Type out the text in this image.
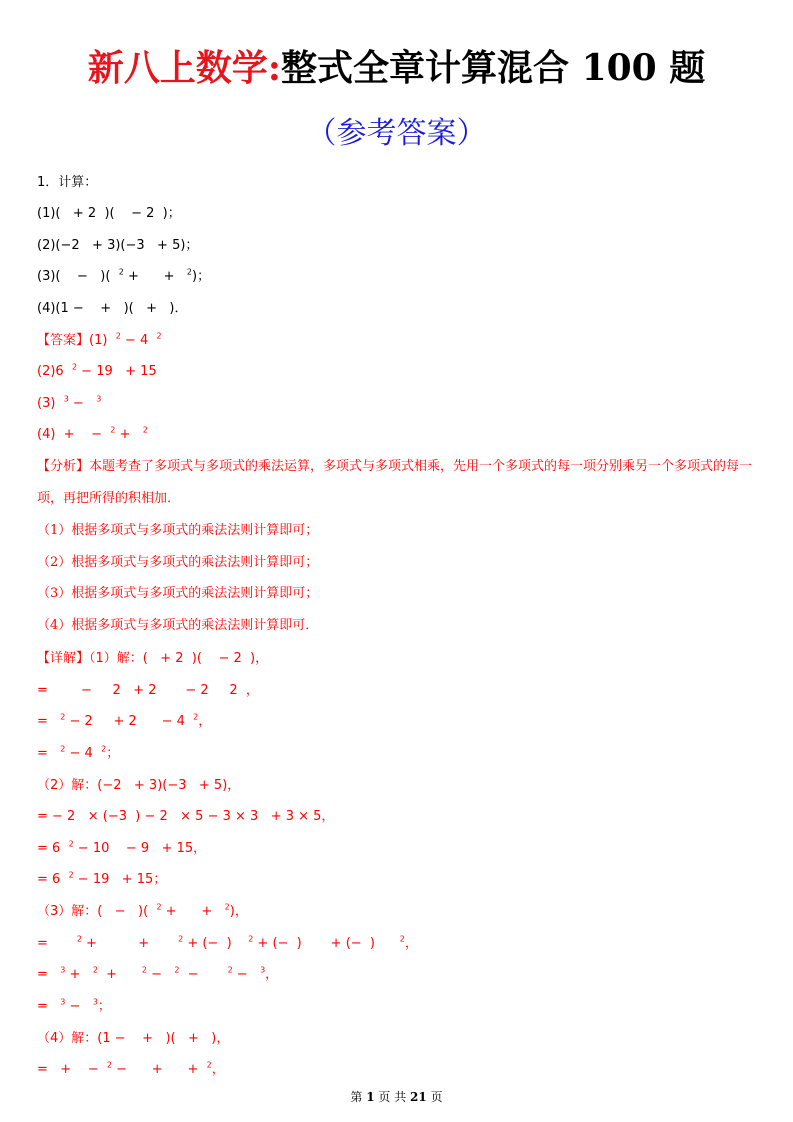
新八上数学:整式全章计算混合 100 题
（参考答案）
1．计算：
(1)(   + 2  )(    − 2  )；
(2)(−2   + 3)(−3   + 5)；
(3)(    −   )(  $^2$ +      +   $^2$)；
(4)(1 −    +   )(   +   )．
【答案】(1)  $^2$ − 4  $^2$
(2)6  $^2$ − 19   + 15
(3)  $^3$ −   $^3$
(4)  +    −  $^2$ +   $^2$
【分析】本题考查了多项式与多项式的乘法运算，多项式与多项式相乘，先用一个多项式的每一项分别乘另一个多项式的每一项，再把所得的积相加．
（1）根据多项式与多项式的乘法法则计算即可；
（2）根据多项式与多项式的乘法法则计算即可；
（3）根据多项式与多项式的乘法法则计算即可；
（4）根据多项式与多项式的乘法法则计算即可．
【详解】（1）解：(   + 2  )(    − 2  )，
=        −     2   + 2       − 2     2  ，
=   $^2$ − 2     + 2      − 4  $^2$，
=   $^2$ − 4  $^2$；
（2）解：(−2   + 3)(−3   + 5)，
= − 2   × (−3  ) − 2   × 5 − 3 × 3   + 3 × 5，
= 6  $^2$ − 10    − 9   + 15，
= 6  $^2$ − 19   + 15；
（3）解：(   −   )(  $^2$ +      +   $^2$)，
=       $^2$ +          +       $^2$ + (−  )    $^2$ + (−  )       + (−  )      $^2$，
=   $^3$ +   $^2$  +      $^2$ −   $^2$  −       $^2$ −   $^3$，
=   $^3$ −   $^3$；
（4）解：(1 −    +   )(   +   )，
=   +    −  $^2$ −      +      +  $^2$，
第 1 页 共 21 页
